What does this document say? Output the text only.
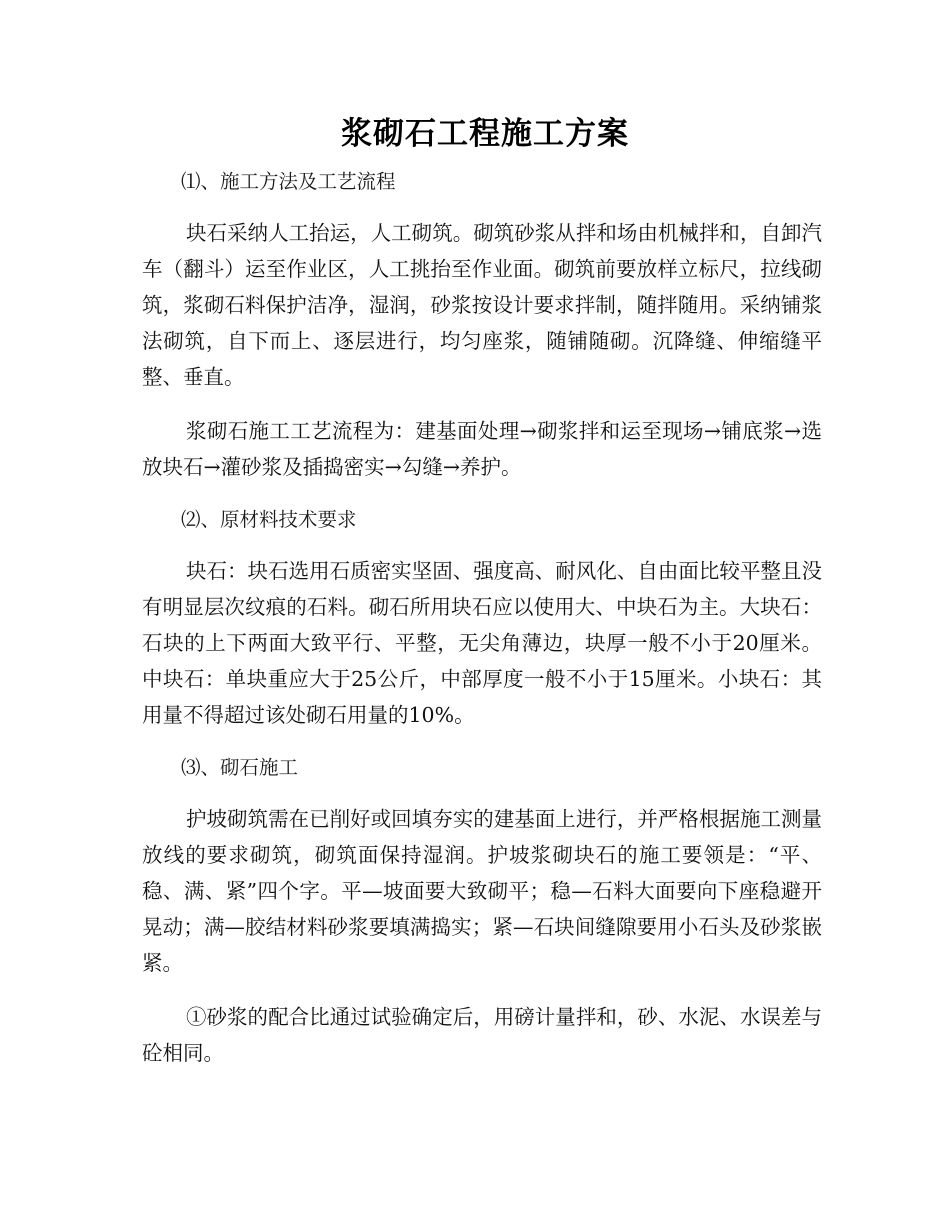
浆砌石工程施工方案

⑴、施工方法及工艺流程

块石采纳人工抬运，人工砌筑。砌筑砂浆从拌和场由机械拌和，自卸汽车（翻斗）运至作业区，人工挑抬至作业面。砌筑前要放样立标尺，拉线砌筑，浆砌石料保护洁净，湿润，砂浆按设计要求拌制，随拌随用。采纳铺浆法砌筑，自下而上、逐层进行，均匀座浆，随铺随砌。沉降缝、伸缩缝平整、垂直。

浆砌石施工工艺流程为：建基面处理→砌浆拌和运至现场→铺底浆→选放块石→灌砂浆及插捣密实→勾缝→养护。

⑵、原材料技术要求

块石：块石选用石质密实坚固、强度高、耐风化、自由面比较平整且没有明显层次纹痕的石料。砌石所用块石应以使用大、中块石为主。大块石：石块的上下两面大致平行、平整，无尖角薄边，块厚一般不小于20厘米。中块石：单块重应大于25公斤，中部厚度一般不小于15厘米。小块石：其用量不得超过该处砌石用量的10%。

⑶、砌石施工

护坡砌筑需在已削好或回填夯实的建基面上进行，并严格根据施工测量放线的要求砌筑，砌筑面保持湿润。护坡浆砌块石的施工要领是：“平、稳、满、紧”四个字。平—坡面要大致砌平；稳—石料大面要向下座稳避开晃动；满—胶结材料砂浆要填满捣实；紧—石块间缝隙要用小石头及砂浆嵌紧。

①砂浆的配合比通过试验确定后，用磅计量拌和，砂、水泥、水误差与砼相同。
